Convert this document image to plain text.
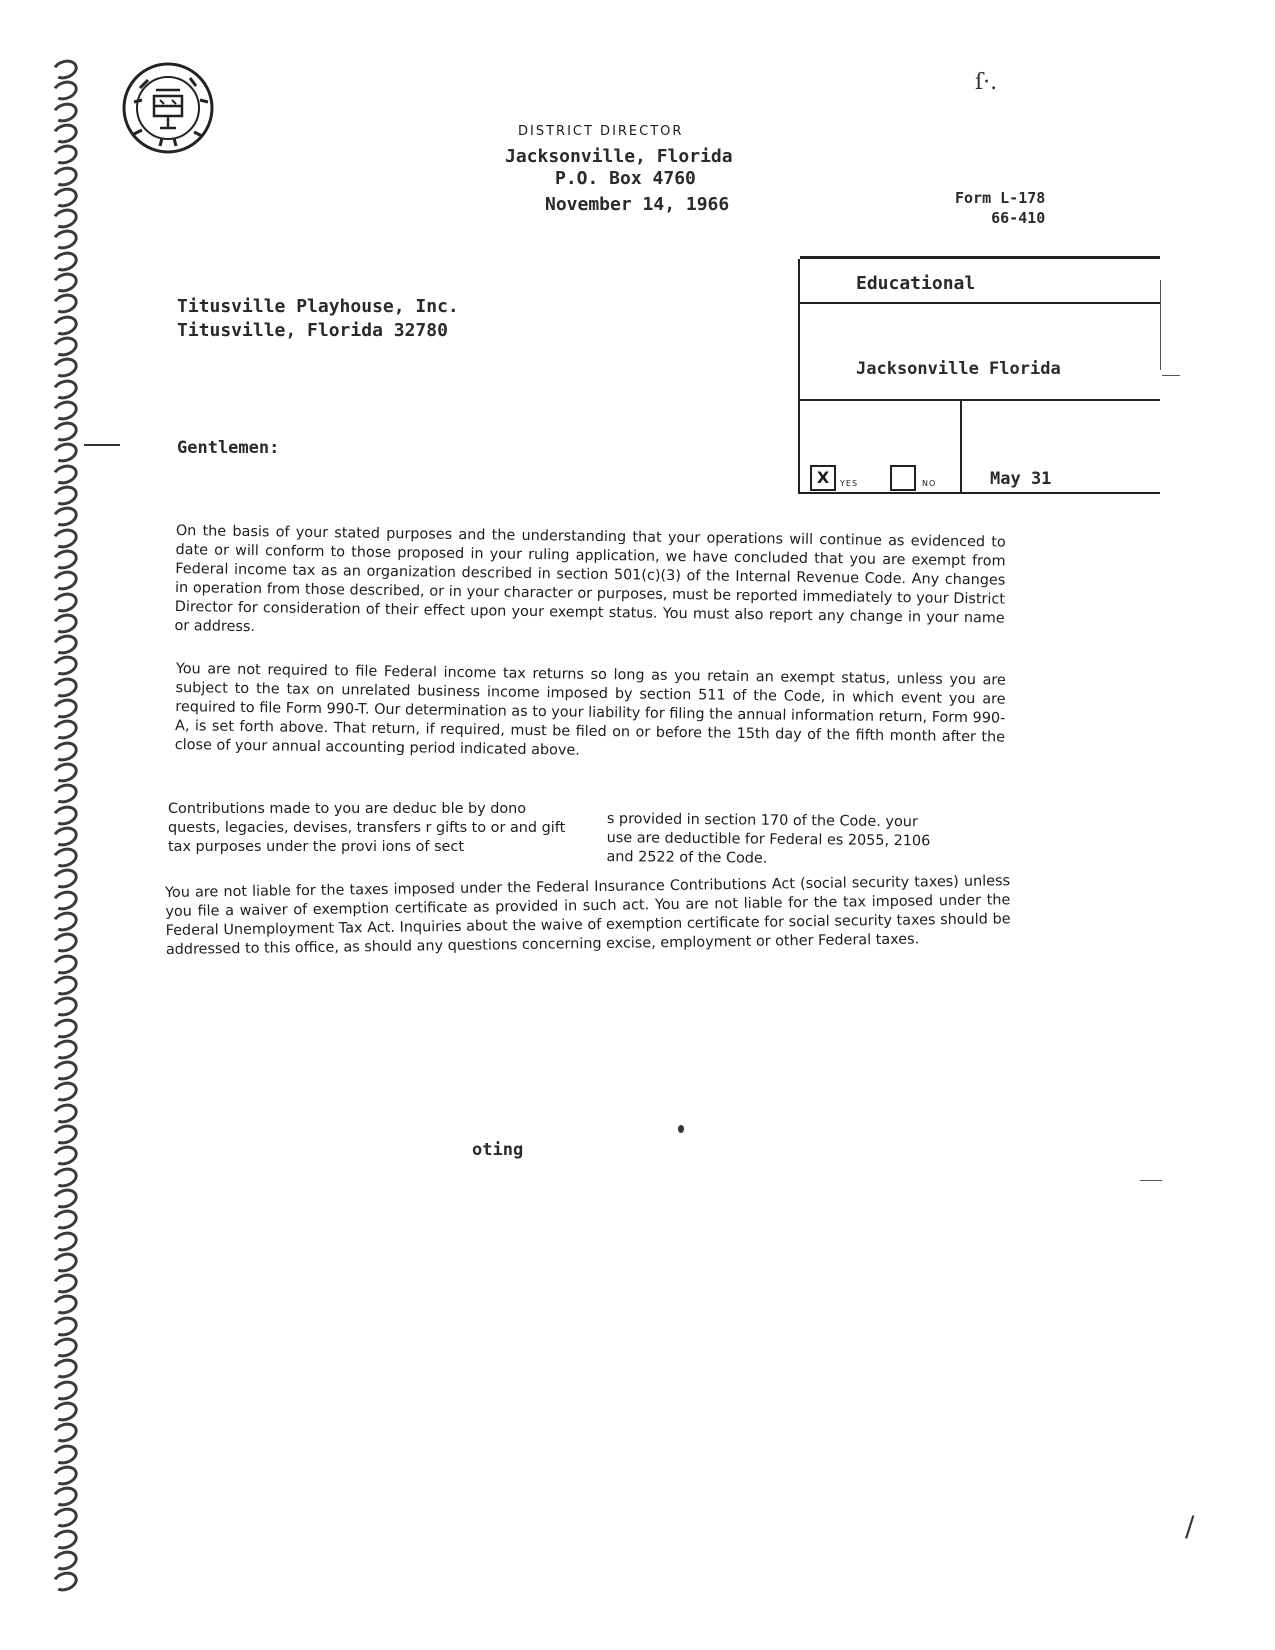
DISTRICT DIRECTOR
Jacksonville, Florida
P.O. Box 4760
November 14, 1966	Form L-178
66-410
Titusville Playhouse, Inc.
Titusville, Florida 32780
Educational
Jacksonville Florida
X	YES	NO	May 31
Gentlemen:

On the basis of your stated purposes and the understanding that your operations will continue as evidenced to date or will conform to those proposed in your ruling application, we have concluded that you are exempt from Federal income tax as an organization described in section 501(c)(3) of the Internal Revenue Code. Any changes in operation from those described, or in your character or purposes, must be reported immediately to your District Director for consideration of their effect upon your exempt status. You must also report any change in your name or address.

You are not required to file Federal income tax returns so long as you retain an exempt status, unless you are subject to the tax on unrelated business income imposed by section 511 of the Code, in which event you are required to file Form 990-T. Our determination as to your liability for filing the annual information return, Form 990-A, is set forth above. That return, if required, must be filed on or before the 15th day of the fifth month after the close of your annual accounting period indicated above.

Contributions made to you are deduc ble by dono quests, legacies, devises, transfers r gifts to or and gift tax purposes under the provi ions of sect

s provided in section 170 of the Code. your use are deductible for Federal es 2055, 2106 and 2522 of the Code.

You are not liable for the taxes imposed under the Federal Insurance Contributions Act (social security taxes) unless you file a waiver of exemption certificate as provided in such act. You are not liable for the tax imposed under the Federal Unemployment Tax Act. Inquiries about the waive of exemption certificate for social security taxes should be addressed to this office, as should any questions concerning excise, employment or other Federal taxes.

oting
/
ſ·.
